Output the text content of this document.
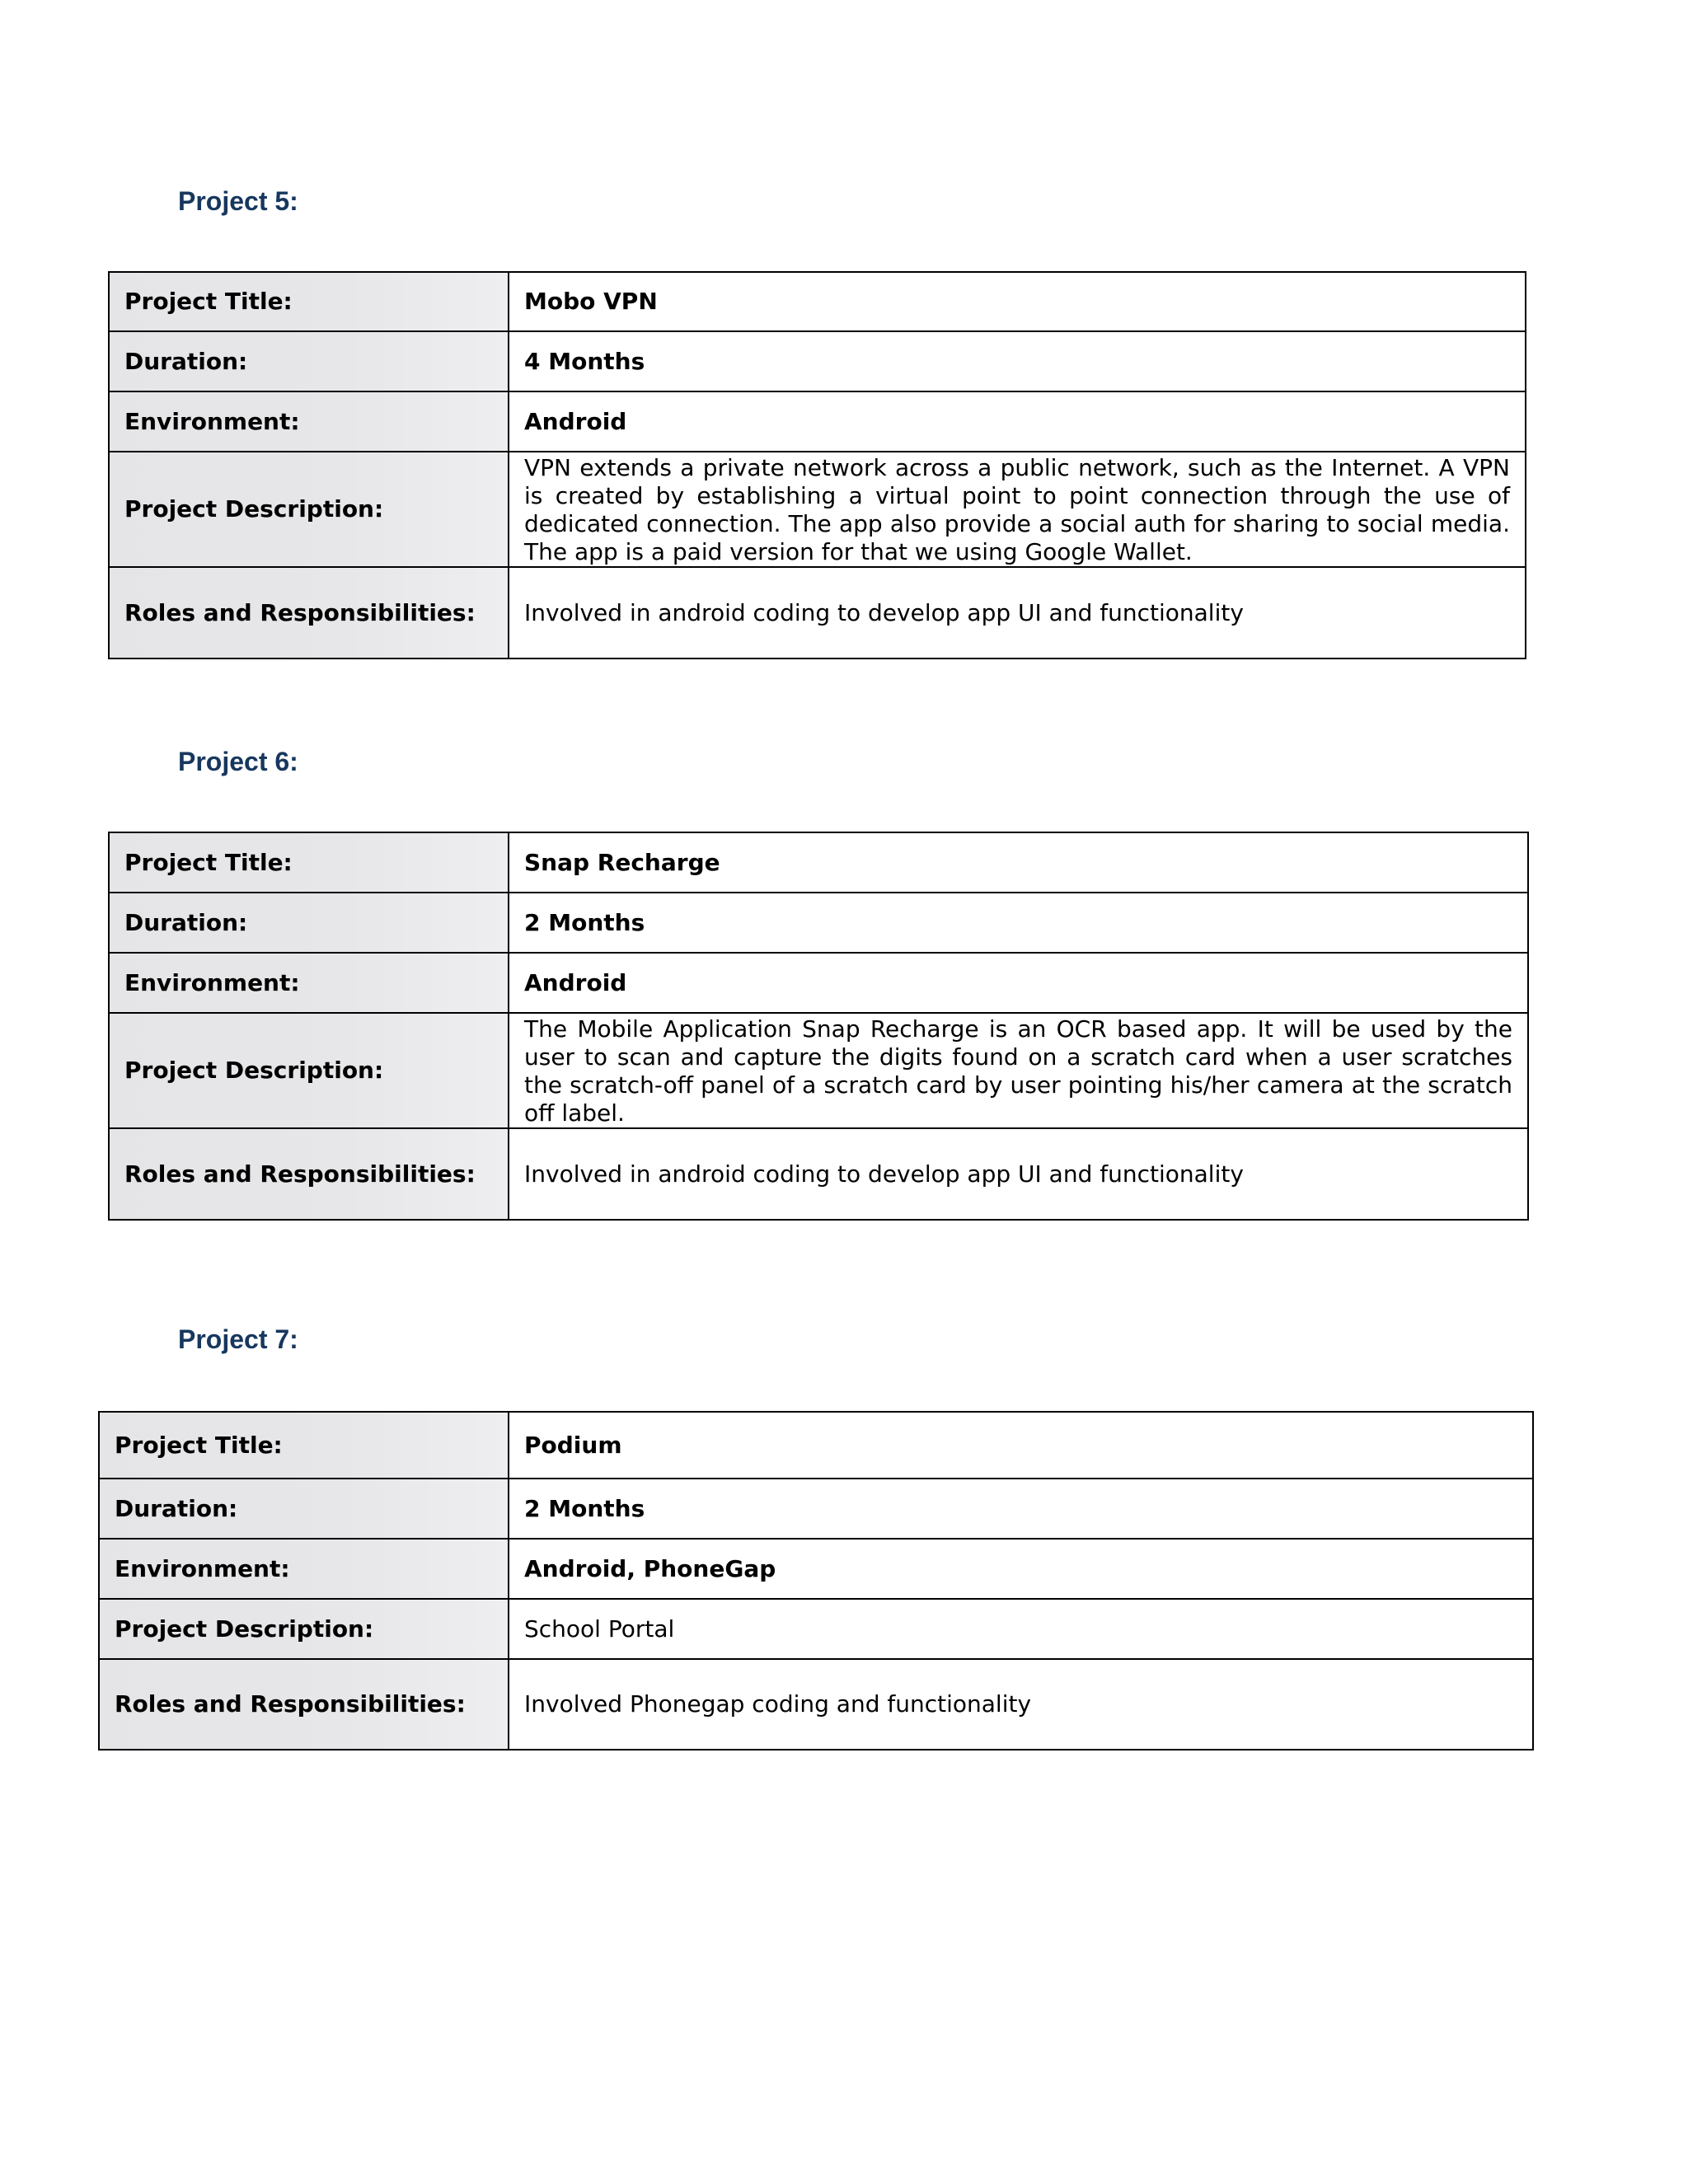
Project 5:
Project Title:	Mobo VPN
Duration:	4 Months
Environment:	Android
Project Description:	VPN extends a private network across a public network, such as the Internet. A VPN is created by establishing a virtual point to point connection through the use of dedicated connection. The app also provide a social auth for sharing to social media. The app is a paid version for that we using Google Wallet.
Roles and Responsibilities:	Involved in android coding to develop app UI and functionality
Project 6:
Project Title:	Snap Recharge
Duration:	2 Months
Environment:	Android
Project Description:	The Mobile Application Snap Recharge is an OCR based app. It will be used by the user to scan and capture the digits found on a scratch card when a user scratches the scratch-off panel of a scratch card by user pointing his/her camera at the scratch off label.
Roles and Responsibilities:	Involved in android coding to develop app UI and functionality
Project 7:
Project Title:	Podium
Duration:	2 Months
Environment:	Android, PhoneGap
Project Description:	School Portal
Roles and Responsibilities:	Involved Phonegap coding and functionality
